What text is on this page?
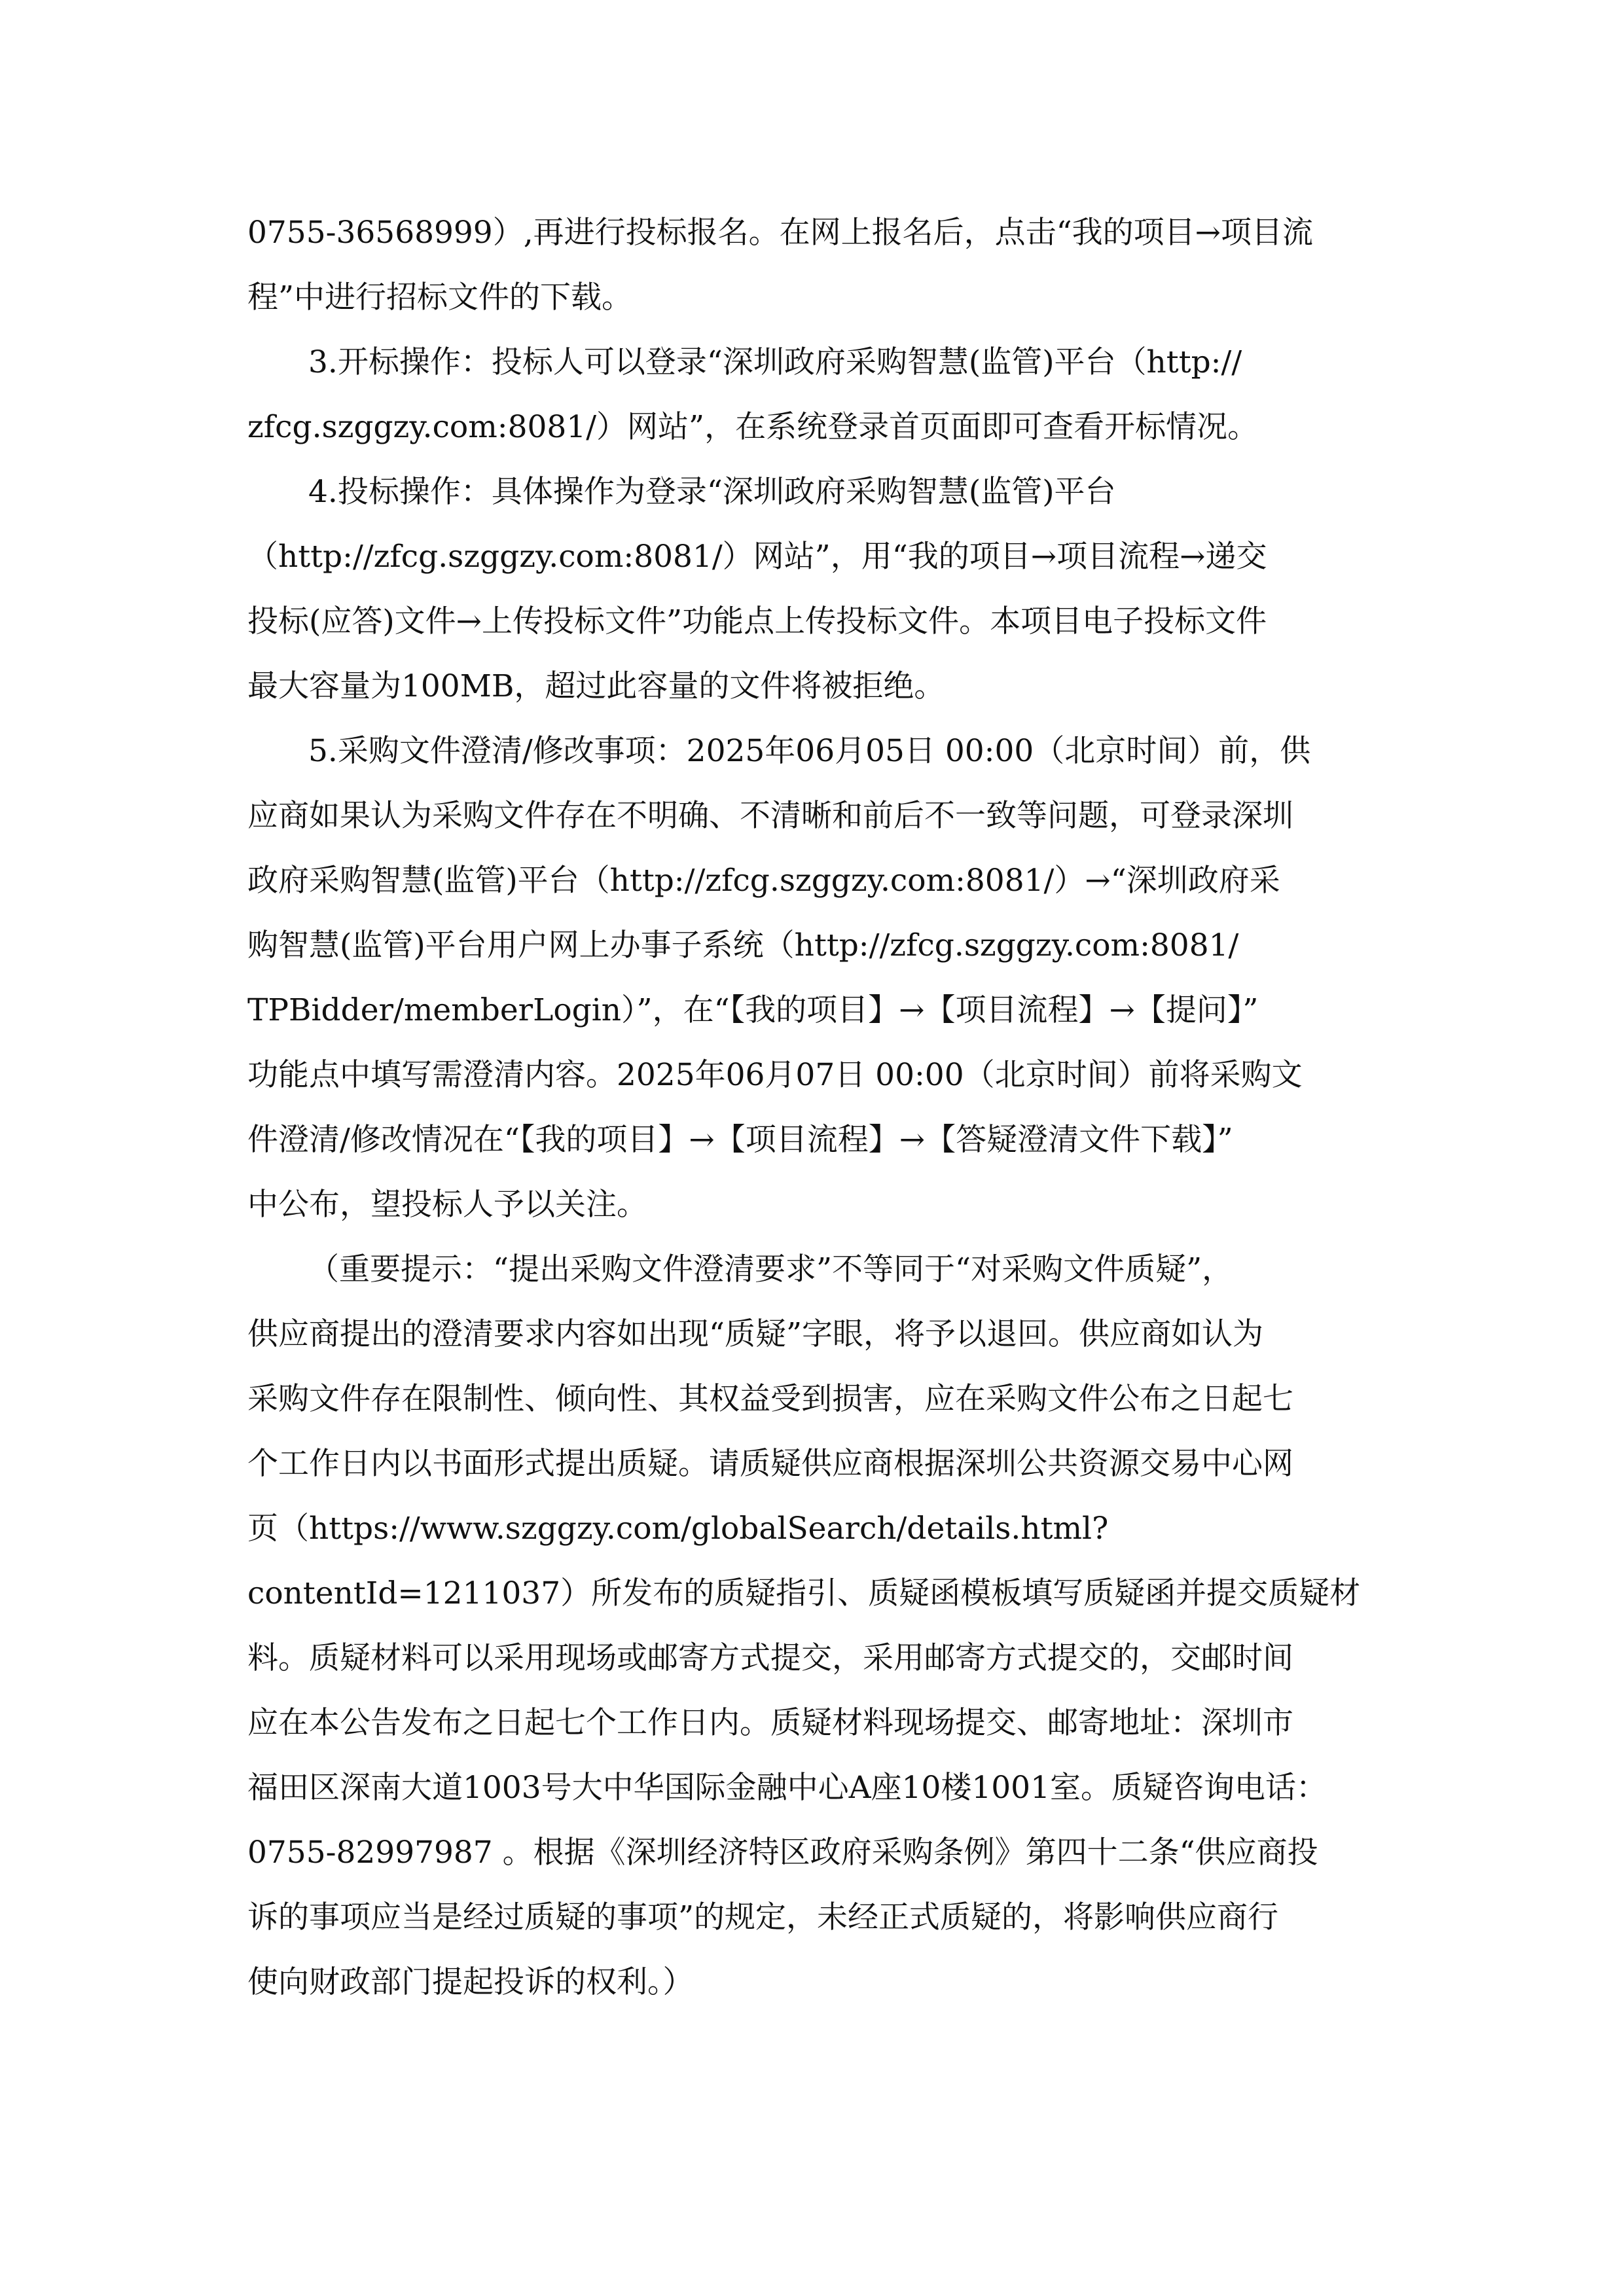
0755-36568999）,再进行投标报名。在网上报名后，点击“我的项目→项目流

程”中进行招标文件的下载。

3.开标操作：投标人可以登录“深圳政府采购智慧(监管)平台（http://

zfcg.szggzy.com:8081/）网站”，在系统登录首页面即可查看开标情况。

4.投标操作：具体操作为登录“深圳政府采购智慧(监管)平台

（http://zfcg.szggzy.com:8081/）网站”，用“我的项目→项目流程→递交

投标(应答)文件→上传投标文件”功能点上传投标文件。本项目电子投标文件

最大容量为100MB，超过此容量的文件将被拒绝。

5.采购文件澄清/修改事项：2025年06月05日 00:00（北京时间）前，供

应商如果认为采购文件存在不明确、不清晰和前后不一致等问题，可登录深圳

政府采购智慧(监管)平台（http://zfcg.szggzy.com:8081/）→“深圳政府采

购智慧(监管)平台用户网上办事子系统（http://zfcg.szggzy.com:8081/

TPBidder/memberLogin）”，在“【我的项目】→【项目流程】→【提问】”

功能点中填写需澄清内容。2025年06月07日 00:00（北京时间）前将采购文

件澄清/修改情况在“【我的项目】→【项目流程】→【答疑澄清文件下载】”

中公布，望投标人予以关注。

（重要提示：“提出采购文件澄清要求”不等同于“对采购文件质疑”，

供应商提出的澄清要求内容如出现“质疑”字眼，将予以退回。供应商如认为

采购文件存在限制性、倾向性、其权益受到损害，应在采购文件公布之日起七

个工作日内以书面形式提出质疑。请质疑供应商根据深圳公共资源交易中心网

页（https://www.szggzy.com/globalSearch/details.html?

contentId=1211037）所发布的质疑指引、质疑函模板填写质疑函并提交质疑材

料。质疑材料可以采用现场或邮寄方式提交，采用邮寄方式提交的，交邮时间

应在本公告发布之日起七个工作日内。质疑材料现场提交、邮寄地址：深圳市

福田区深南大道1003号大中华国际金融中心A座10楼1001室。质疑咨询电话：

0755-82997987 。根据《深圳经济特区政府采购条例》第四十二条“供应商投

诉的事项应当是经过质疑的事项”的规定，未经正式质疑的，将影响供应商行

使向财政部门提起投诉的权利。）
